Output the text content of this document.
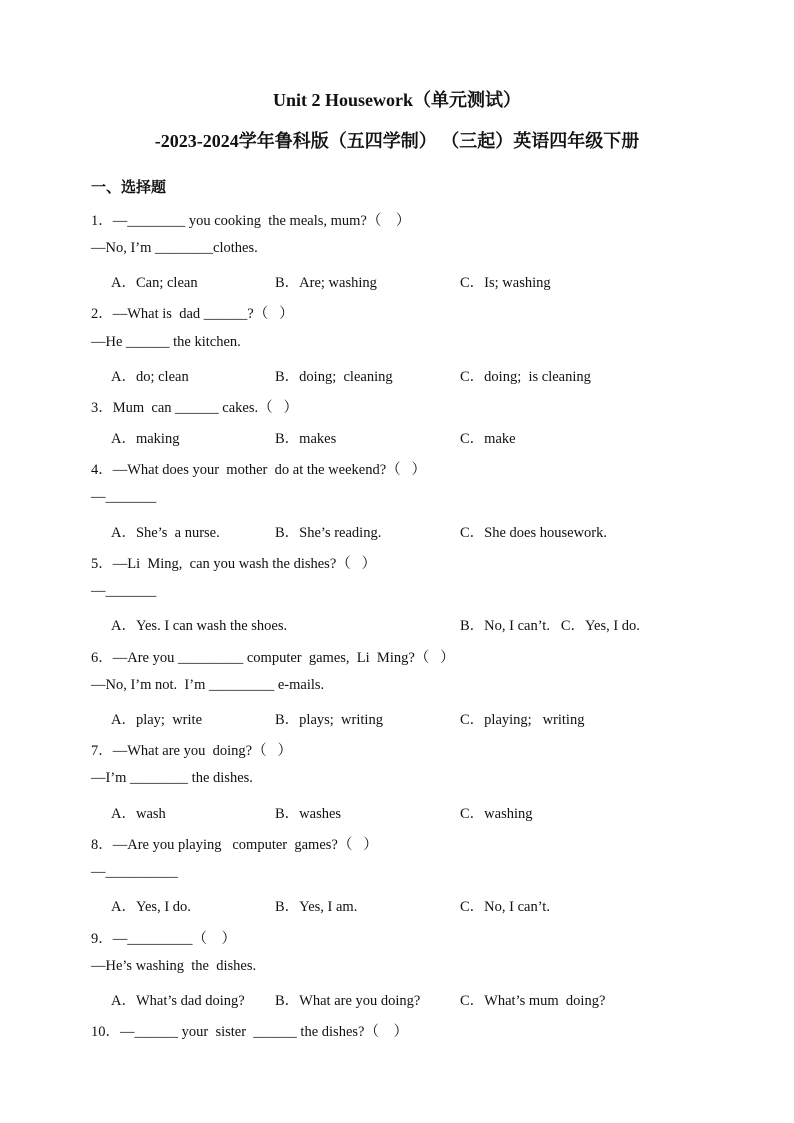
Unit 2 Housework（单元测试）
-2023-2024学年鲁科版（五四学制） （三起）英语四年级下册
一、选择题
1．—________ you cooking  the meals, mum?（    ）
—No, I’m ________clothes.
A．Can; clean	B．Are; washing	C．Is; washing
2．—What is  dad ______?（   ）
—He ______ the kitchen.
A．do; clean	B．doing;  cleaning	C．doing;  is cleaning
3．Mum  can ______ cakes.（   ）
A．making	B．makes	C．make
4．—What does your  mother  do at the weekend?（   ）
—_______
A．She’s  a nurse.	B．She’s reading.	C．She does housework.
5．—Li  Ming,  can you wash the dishes?（   ）
—_______
A．Yes. I can wash the shoes.	B．No, I can’t.   C．Yes, I do.
6．—Are you _________ computer  games,  Li  Ming?（   ）
—No, I’m not.  I’m _________ e-mails.
A．play;  write	B．plays;  writing	C．playing;   writing
7．—What are you  doing?（   ）
—I’m ________ the dishes.
A．wash	B．washes	C．washing
8．—Are you playing   computer  games?（   ）
—__________
A．Yes, I do.	B．Yes, I am.	C．No, I can’t.
9．—_________（    ）
—He’s washing  the  dishes.
A．What’s dad doing? B．What are you doing?	C．What’s mum  doing?
10．—______ your  sister  ______ the dishes?（    ）
